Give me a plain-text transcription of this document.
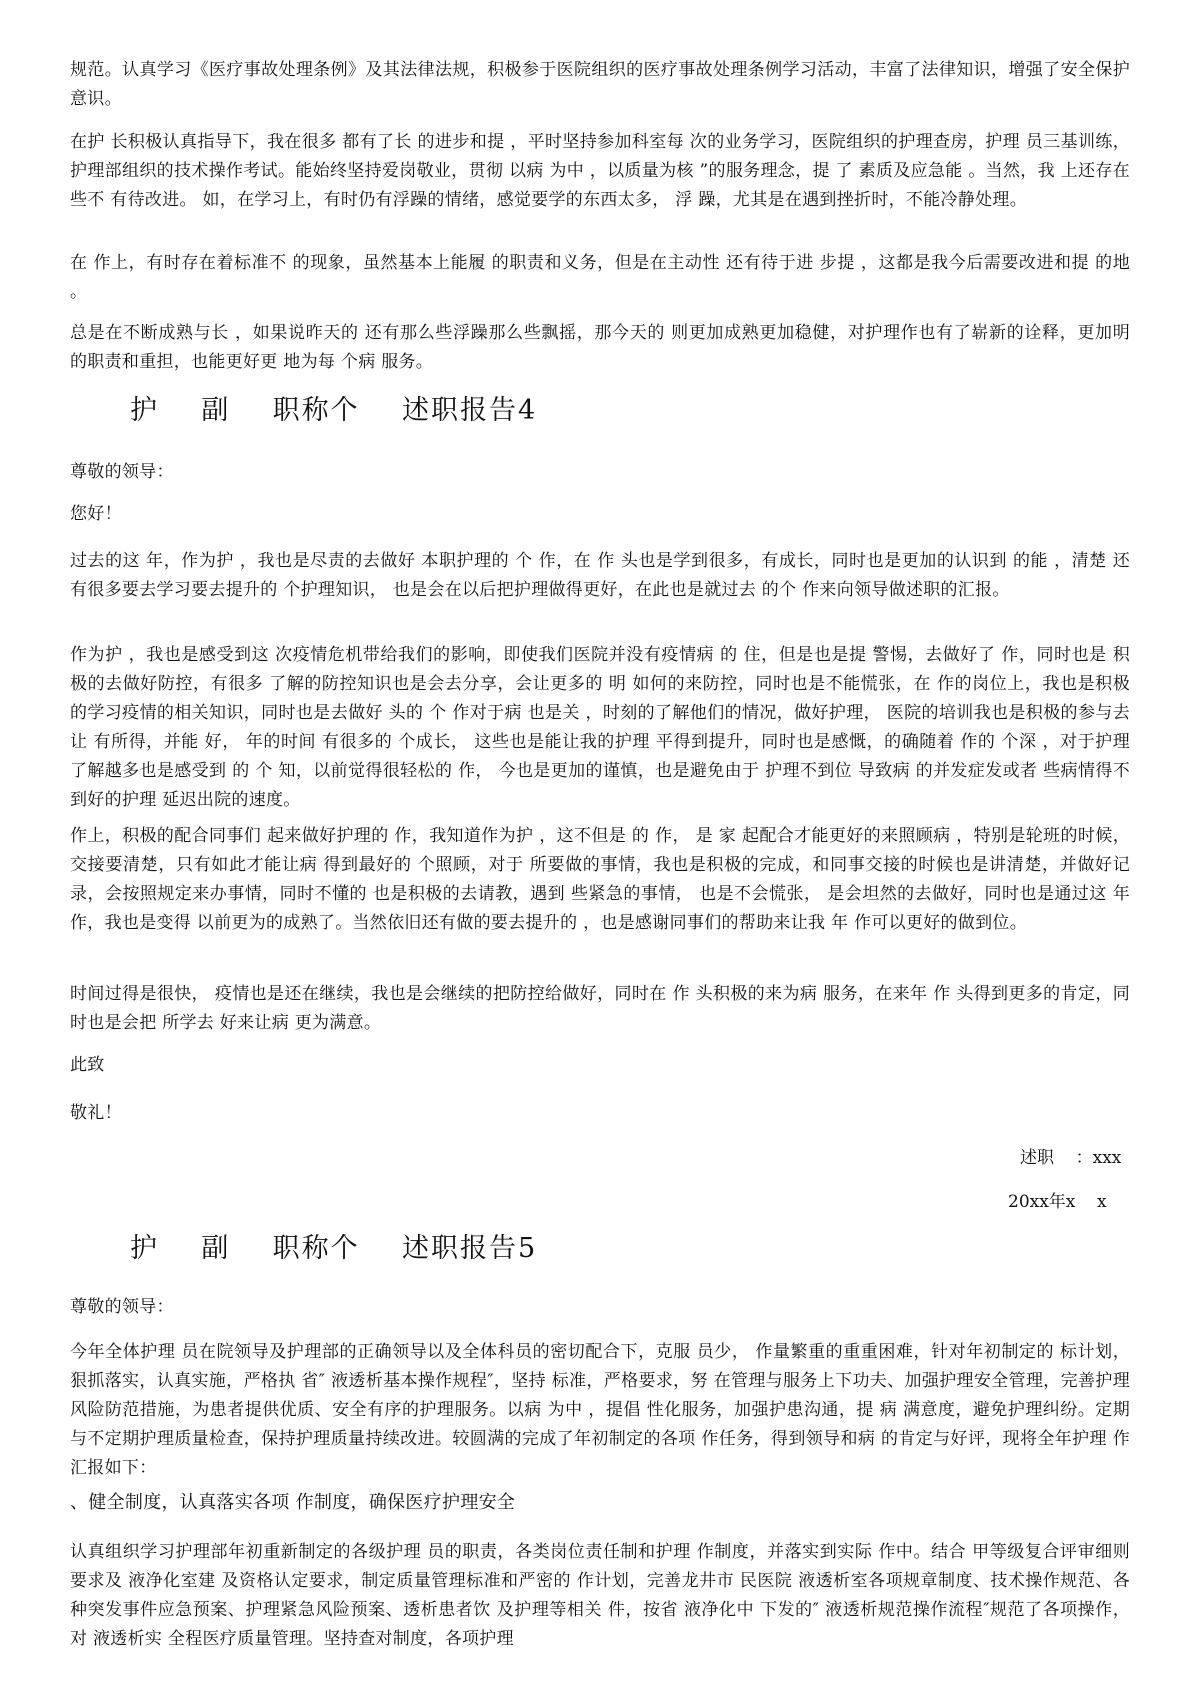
规范。认真学习《医疗事故处理条例》及其法律法规，积极参于医院组织的医疗事故处理条例学习活动，丰富了法律知识，增强了安全保护意识。

在护 长积极认真指导下，我在很多 都有了长 的进步和提 ，平时坚持参加科室每 次的业务学习，医院组织的护理查房，护理 员三基训练，护理部组织的技术操作考试。能始终坚持爱岗敬业，贯彻 以病 为中 ，以质量为核 ”的服务理念，提 了 素质及应急能 。当然，我 上还存在 些不 有待改进。 如，在学习上，有时仍有浮躁的情绪，感觉要学的东西太多， 浮 躁，尤其是在遇到挫折时，不能冷静处理。

在 作上，有时存在着标准不 的现象，虽然基本上能履 的职责和义务，但是在主动性 还有待于进 步提 ，这都是我今后需要改进和提 的地 。

总是在不断成熟与长 ，如果说昨天的 还有那么些浮躁那么些飘摇，那今天的 则更加成熟更加稳健，对护理作也有了崭新的诠释，更加明 的职责和重担，也能更好更 地为每 个病 服务。

护    副    职称个    述职报告4

尊敬的领导：

您好！

过去的这 年，作为护 ，我也是尽责的去做好 本职护理的 个 作，在 作 头也是学到很多，有成长，同时也是更加的认识到 的能 ，清楚 还有很多要去学习要去提升的 个护理知识， 也是会在以后把护理做得更好，在此也是就过去 的个 作来向领导做述职的汇报。

作为护 ，我也是感受到这 次疫情危机带给我们的影响，即使我们医院并没有疫情病 的 住，但是也是提 警惕，去做好了 作，同时也是 积极的去做好防控，有很多 了解的防控知识也是会去分享，会让更多的 明 如何的来防控，同时也是不能慌张，在 作的岗位上，我也是积极的学习疫情的相关知识，同时也是去做好 头的 个 作对于病 也是关 ，时刻的了解他们的情况，做好护理， 医院的培训我也是积极的参与去让 有所得，并能 好， 年的时间 有很多的 个成长， 这些也是能让我的护理 平得到提升，同时也是感慨，的确随着 作的 个深 ，对于护理了解越多也是感受到 的 个 知，以前觉得很轻松的 作， 今也是更加的谨慎，也是避免由于 护理不到位 导致病 的并发症发或者 些病情得不到好的护理 延迟出院的速度。

作上，积极的配合同事们 起来做好护理的 作，我知道作为护 ，这不但是 的 作， 是 家 起配合才能更好的来照顾病 ，特别是轮班的时候，交接要清楚，只有如此才能让病 得到最好的 个照顾，对于 所要做的事情，我也是积极的完成，和同事交接的时候也是讲清楚，并做好记录，会按照规定来办事情，同时不懂的 也是积极的去请教，遇到 些紧急的事情， 也是不会慌张， 是会坦然的去做好，同时也是通过这 年 作，我也是变得 以前更为的成熟了。当然依旧还有做的要去提升的 ，也是感谢同事们的帮助来让我 年 作可以更好的做到位。

时间过得是很快， 疫情也是还在继续，我也是会继续的把防控给做好，同时在 作 头积极的来为病 服务，在来年 作 头得到更多的肯定，同时也是会把 所学去 好来让病 更为满意。

此致

敬礼！

述职    ：xxx
20xx年x    x
护    副    职称个    述职报告5

尊敬的领导：

今年全体护理 员在院领导及护理部的正确领导以及全体科员的密切配合下，克服 员少， 作量繁重的重重困难，针对年初制定的 标计划，狠抓落实，认真实施，严格执 省″ 液透析基本操作规程″，坚持 标准，严格要求，努 在管理与服务上下功夫、加强护理安全管理，完善护理风险防范措施，为患者提供优质、安全有序的护理服务。以病 为中 ，提倡 性化服务，加强护患沟通，提 病 满意度，避免护理纠纷。定期与不定期护理质量检查，保持护理质量持续改进。较圆满的完成了年初制定的各项 作任务，得到领导和病 的肯定与好评，现将全年护理 作汇报如下：

、健全制度，认真落实各项 作制度，确保医疗护理安全

认真组织学习护理部年初重新制定的各级护理 员的职责，各类岗位责任制和护理 作制度，并落实到实际 作中。结合 甲等级复合评审细则要求及 液净化室建 及资格认定要求，制定质量管理标准和严密的 作计划，完善龙井市 民医院 液透析室各项规章制度、技术操作规范、各种突发事件应急预案、护理紧急风险预案、透析患者饮 及护理等相关 件，按省 液净化中 下发的″ 液透析规范操作流程″规范了各项操作，对 液透析实 全程医疗质量管理。坚持查对制度，各项护理
